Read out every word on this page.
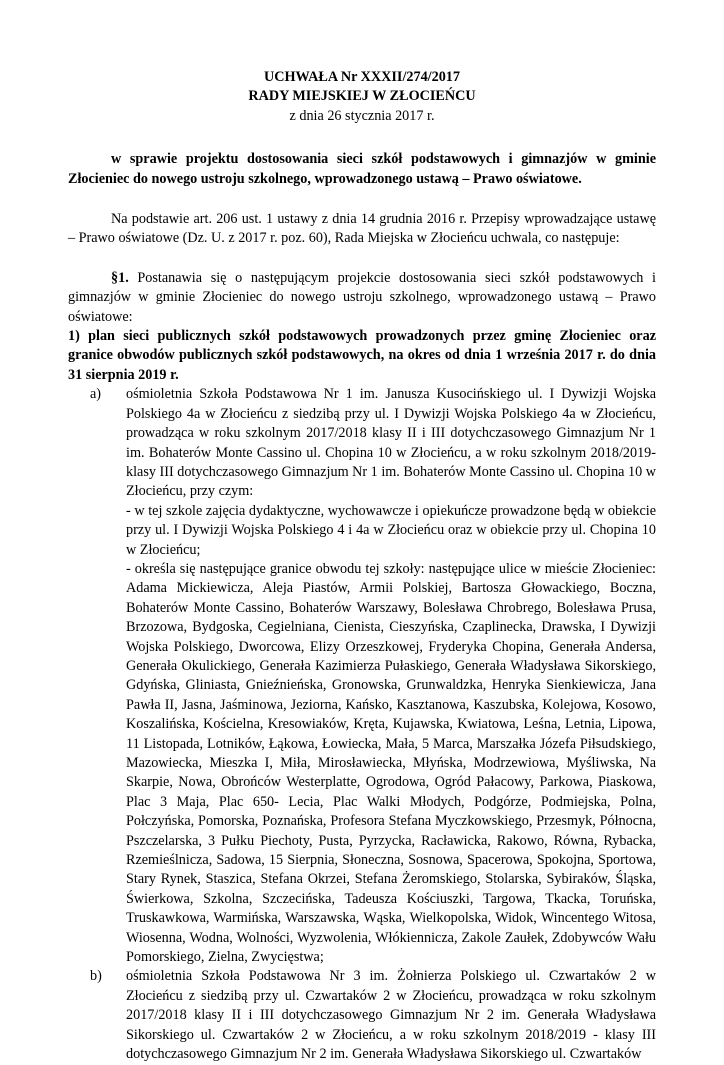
UCHWAŁA Nr XXXII/274/2017
RADY MIEJSKIEJ W ZŁOCIEŃCU
z dnia 26 stycznia 2017 r.

w sprawie projektu dostosowania sieci szkół podstawowych i gimnazjów w gminie Złocieniec do nowego ustroju szkolnego, wprowadzonego ustawą – Prawo oświatowe.

Na podstawie art. 206 ust. 1 ustawy z dnia 14 grudnia 2016 r. Przepisy wprowadzające ustawę – Prawo oświatowe (Dz. U. z 2017 r. poz. 60), Rada Miejska w Złocieńcu uchwala, co następuje:

§1. Postanawia się o następującym projekcie dostosowania sieci szkół podstawowych i gimnazjów w gminie Złocieniec do nowego ustroju szkolnego, wprowadzonego ustawą – Prawo oświatowe:

1) plan sieci publicznych szkół podstawowych prowadzonych przez gminę Złocieniec oraz granice obwodów publicznych szkół podstawowych, na okres od dnia 1 września 2017 r. do dnia 31 sierpnia 2019 r.

a) ośmioletnia Szkoła Podstawowa Nr 1 im. Janusza Kusocińskiego ul. I Dywizji Wojska Polskiego 4a w Złocieńcu z siedzibą przy ul. I Dywizji Wojska Polskiego 4a w Złocieńcu, prowadząca w roku szkolnym 2017/2018 klasy II i III dotychczasowego Gimnazjum Nr 1 im. Bohaterów Monte Cassino ul. Chopina 10 w Złocieńcu, a w roku szkolnym 2018/2019-klasy III dotychczasowego Gimnazjum Nr 1 im. Bohaterów Monte Cassino ul. Chopina 10 w Złocieńcu, przy czym:

- w tej szkole zajęcia dydaktyczne, wychowawcze i opiekuńcze prowadzone będą w obiekcie przy ul. I Dywizji Wojska Polskiego 4 i 4a w Złocieńcu oraz w obiekcie przy ul. Chopina 10 w Złocieńcu;

- określa się następujące granice obwodu tej szkoły: następujące ulice w mieście Złocieniec: Adama Mickiewicza, Aleja Piastów, Armii Polskiej, Bartosza Głowackiego, Boczna, Bohaterów Monte Cassino, Bohaterów Warszawy, Bolesława Chrobrego, Bolesława Prusa, Brzozowa, Bydgoska, Cegielniana, Cienista, Cieszyńska, Czaplinecka, Drawska, I Dywizji Wojska Polskiego, Dworcowa, Elizy Orzeszkowej, Fryderyka Chopina, Generała Andersa, Generała Okulickiego, Generała Kazimierza Pułaskiego, Generała Władysława Sikorskiego, Gdyńska, Gliniasta, Gnieźnieńska, Gronowska, Grunwaldzka, Henryka Sienkiewicza, Jana Pawła II, Jasna, Jaśminowa, Jeziorna, Kańsko, Kasztanowa, Kaszubska, Kolejowa, Kosowo, Koszalińska, Kościelna, Kresowiaków, Kręta, Kujawska, Kwiatowa, Leśna, Letnia, Lipowa, 11 Listopada, Lotników, Łąkowa, Łowiecka, Mała, 5 Marca, Marszałka Józefa Piłsudskiego, Mazowiecka, Mieszka I, Miła, Mirosławiecka, Młyńska, Modrzewiowa, Myśliwska, Na Skarpie, Nowa, Obrońców Westerplatte, Ogrodowa, Ogród Pałacowy, Parkowa, Piaskowa, Plac 3 Maja, Plac 650- Lecia, Plac Walki Młodych, Podgórze, Podmiejska, Polna, Połczyńska, Pomorska, Poznańska, Profesora Stefana Myczkowskiego, Przesmyk, Północna, Pszczelarska, 3 Pułku Piechoty, Pusta, Pyrzycka, Racławicka, Rakowo, Równa, Rybacka, Rzemieślnicza, Sadowa, 15 Sierpnia, Słoneczna, Sosnowa, Spacerowa, Spokojna, Sportowa, Stary Rynek, Staszica, Stefana Okrzei, Stefana Żeromskiego, Stolarska, Sybiraków, Śląska, Świerkowa, Szkolna, Szczecińska, Tadeusza Kościuszki, Targowa, Tkacka, Toruńska, Truskawkowa, Warmińska, Warszawska, Wąska, Wielkopolska, Widok, Wincentego Witosa, Wiosenna, Wodna, Wolności, Wyzwolenia, Włókiennicza, Zakole Zaułek, Zdobywców Wału Pomorskiego, Zielna, Zwycięstwa;

b) ośmioletnia Szkoła Podstawowa Nr 3 im. Żołnierza Polskiego ul. Czwartaków 2 w Złocieńcu z siedzibą przy ul. Czwartaków 2 w Złocieńcu, prowadząca w roku szkolnym 2017/2018 klasy II i III dotychczasowego Gimnazjum Nr 2 im. Generała Władysława Sikorskiego ul. Czwartaków 2 w Złocieńcu, a w roku szkolnym 2018/2019 - klasy III dotychczasowego Gimnazjum Nr 2 im. Generała Władysława Sikorskiego ul. Czwartaków
